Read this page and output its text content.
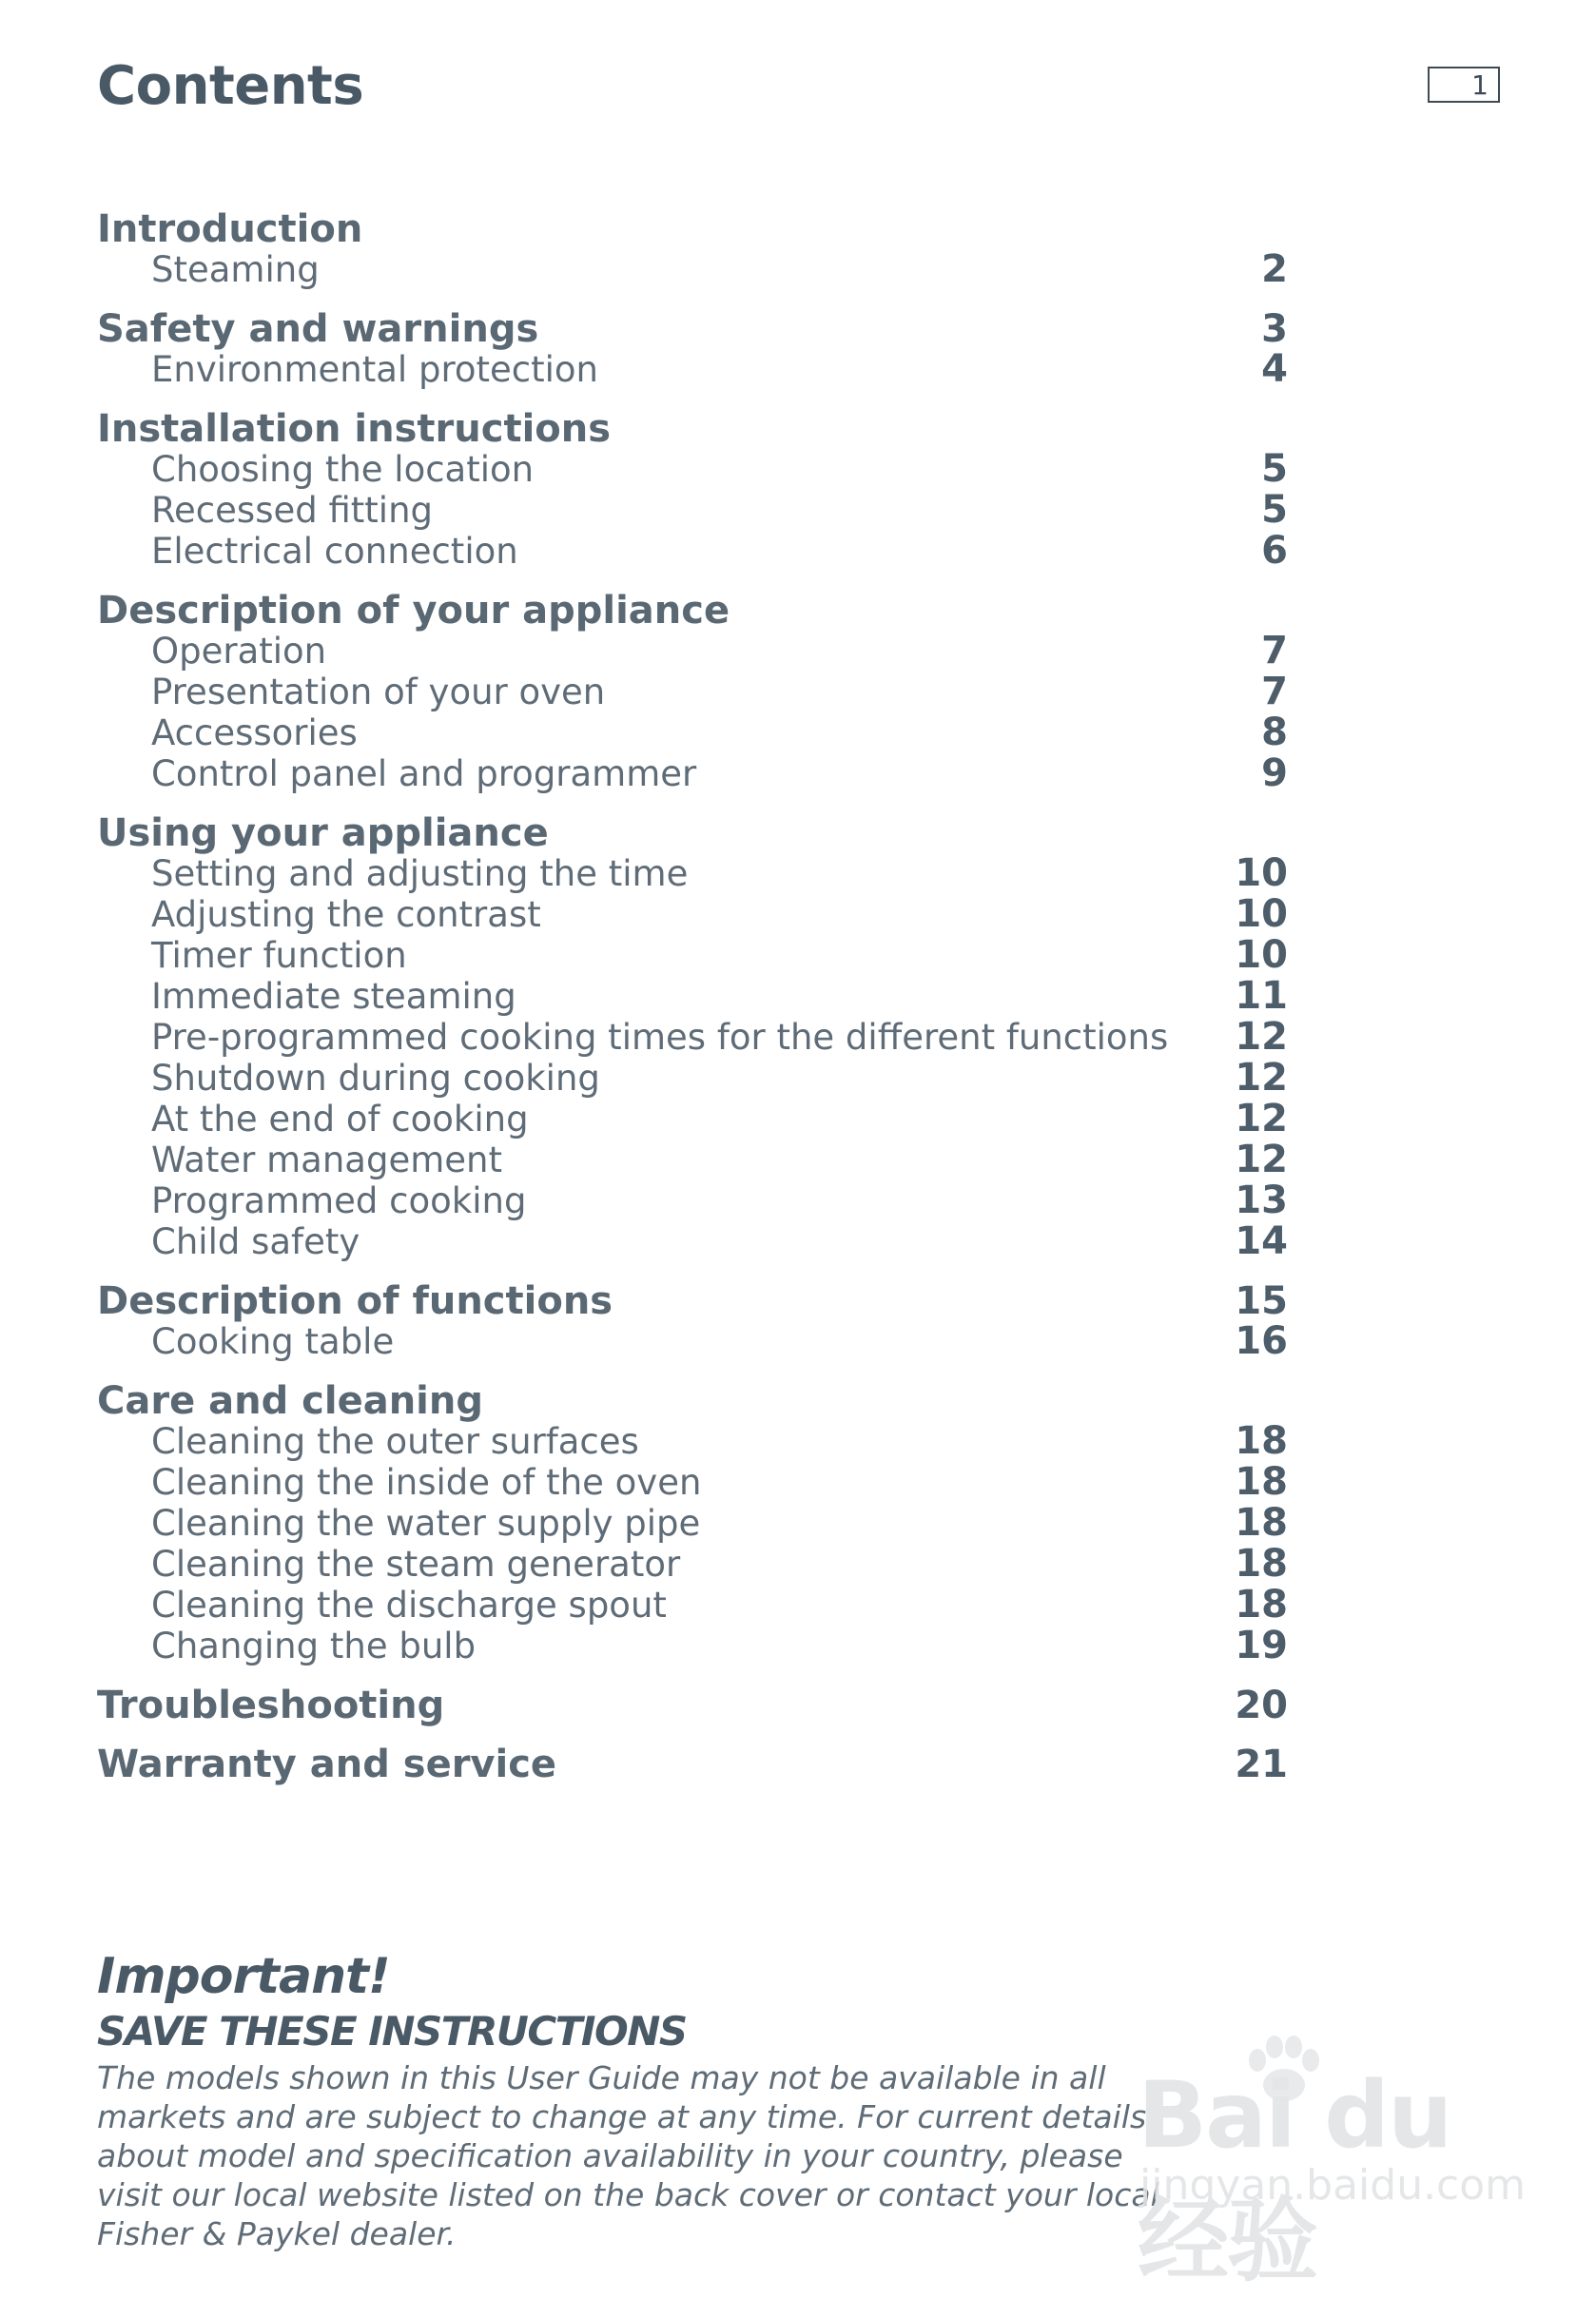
Contents	1
Introduction
Steaming	2
Safety and warnings	3
Environmental protection	4
Installation instructions
Choosing the location	5
Recessed fitting	5
Electrical connection	6
Description of your appliance
Operation	7
Presentation of your oven	7
Accessories	8
Control panel and programmer	9
Using your appliance
Setting and adjusting the time	10
Adjusting the contrast	10
Timer function	10
Immediate steaming	11
Pre-programmed cooking times for the different functions 12
Shutdown during cooking	12
At the end of cooking	12
Water management	12
Programmed cooking	13
Child safety	14
Description of functions	15
Cooking table	16
Care and cleaning
Cleaning the outer surfaces	18
Cleaning the inside of the oven	18
Cleaning the water supply pipe	18
Cleaning the steam generator	18
Cleaning the discharge spout	18
Changing the bulb	19
Troubleshooting	20
Warranty and service	21
Important!
SAVE THESE INSTRUCTIONS
The models shown in this User Guide may not be available in all markets and are subject to change at any time. For current details about model and specification availability in your country, please visit our local website listed on the back cover or contact your local Fisher & Paykel dealer.
Bai du 经验
jingyan.baidu.com
